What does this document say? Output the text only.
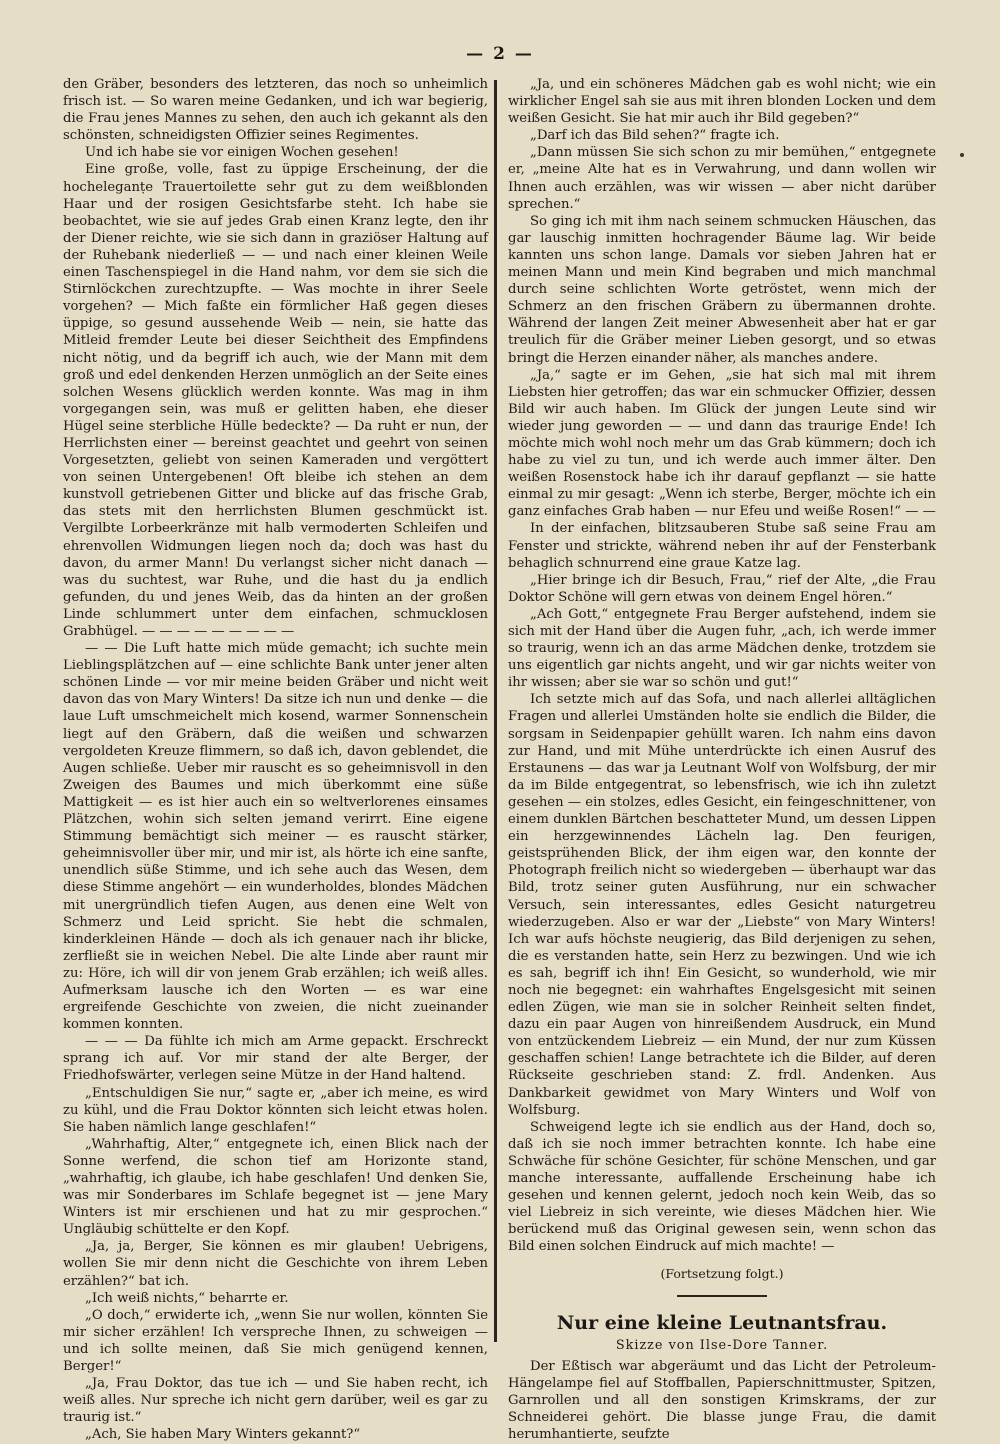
— 2 —

den Gräber, besonders des letzteren, das noch so unheimlich frisch ist. — So waren meine Gedanken, und ich war begierig, die Frau jenes Mannes zu sehen, den auch ich gekannt als den schönsten, schneidigsten Offizier seines Regimentes.

Und ich habe sie vor einigen Wochen gesehen!

Eine große, volle, fast zu üppige Erscheinung, der die hocheleganṭe Trauertoilette sehr gut zu dem weißblonden Haar und der rosigen Gesichtsfarbe steht. Ich habe sie beobachtet, wie sie auf jedes Grab einen Kranz legte, den ihr der Diener reichte, wie sie sich dann in graziöser Haltung auf der Ruhebank niederließ — — und nach einer kleinen Weile einen Taschenspiegel in die Hand nahm, vor dem sie sich die Stirnlöckchen zurechtzupfte. — Was mochte in ihrer Seele vorgehen? — Mich faßte ein förmlicher Haß gegen dieses üppige, so gesund aussehende Weib — nein, sie hatte das Mitleid fremder Leute bei dieser Seichtheit des Empfindens nicht nötig, und da begriff ich auch, wie der Mann mit dem groß und edel denkenden Herzen unmöglich an der Seite eines solchen Wesens glücklich werden konnte. Was mag in ihm vorgegangen sein, was muß er gelitten haben, ehe dieser Hügel seine sterbliche Hülle bedeckte? — Da ruht er nun, der Herrlichsten einer — bereinst geachtet und geehrt von seinen Vorgesetzten, geliebt von seinen Kameraden und vergöttert von seinen Untergebenen! Oft bleibe ich stehen an dem kunstvoll getriebenen Gitter und blicke auf das frische Grab, das stets mit den herrlichsten Blumen geschmückt ist. Vergilbte Lorbeerkränze mit halb vermoderten Schleifen und ehrenvollen Widmungen liegen noch da; doch was hast du davon, du armer Mann! Du verlangst sicher nicht danach — was du suchtest, war Ruhe, und die hast du ja endlich gefunden, du und jenes Weib, das da hinten an der großen Linde schlummert unter dem einfachen, schmucklosen Grabhügel. — — — — — — — — —

— — Die Luft hatte mich müde gemacht; ich suchte mein Lieblingsplätzchen auf — eine schlichte Bank unter jener alten schönen Linde — vor mir meine beiden Gräber und nicht weit davon das von Mary Winters! Da sitze ich nun und denke — die laue Luft umschmeichelt mich kosend, warmer Sonnenschein liegt auf den Gräbern, daß die weißen und schwarzen vergoldeten Kreuze flimmern, so daß ich, davon geblendet, die Augen schließe. Ueber mir rauscht es so geheimnisvoll in den Zweigen des Baumes und mich überkommt eine süße Mattigkeit — es ist hier auch ein so weltverlorenes einsames Plätzchen, wohin sich selten jemand verirrt. Eine eigene Stimmung bemächtigt sich meiner — es rauscht stärker, geheimnisvoller über mir, und mir ist, als hörte ich eine sanfte, unendlich süße Stimme, und ich sehe auch das Wesen, dem diese Stimme angehört — ein wunderholdes, blondes Mädchen mit unergründlich tiefen Augen, aus denen eine Welt von Schmerz und Leid spricht. Sie hebt die schmalen, kinderkleinen Hände — doch als ich genauer nach ihr blicke, zerfließt sie in weichen Nebel. Die alte Linde aber raunt mir zu: Höre, ich will dir von jenem Grab erzählen; ich weiß alles. Aufmerksam lausche ich den Worten — es war eine ergreifende Geschichte von zweien, die nicht zueinander kommen konnten.

— — — Da fühlte ich mich am Arme gepackt. Erschreckt sprang ich auf. Vor mir stand der alte Berger, der Friedhofswärter, verlegen seine Mütze in der Hand haltend.

„Entschuldigen Sie nur,“ sagte er, „aber ich meine, es wird zu kühl, und die Frau Doktor könnten sich leicht etwas holen. Sie haben nämlich lange geschlafen!“

„Wahrhaftig, Alter,“ entgegnete ich, einen Blick nach der Sonne werfend, die schon tief am Horizonte stand, „wahrhaftig, ich glaube, ich habe geschlafen! Und denken Sie, was mir Sonderbares im Schlafe begegnet ist — jene Mary Winters ist mir erschienen und hat zu mir gesprochen.“ Ungläubig schüttelte er den Kopf.

„Ja, ja, Berger, Sie können es mir glauben! Uebrigens, wollen Sie mir denn nicht die Geschichte von ihrem Leben erzählen?“ bat ich.

„Ich weiß nichts,“ beharrte er.

„O doch,“ erwiderte ich, „wenn Sie nur wollen, könnten Sie mir sicher erzählen! Ich verspreche Ihnen, zu schweigen — und ich sollte meinen, daß Sie mich genügend kennen, Berger!“

„Ja, Frau Doktor, das tue ich — und Sie haben recht, ich weiß alles. Nur spreche ich nicht gern darüber, weil es gar zu traurig ist.“

„Ach, Sie haben Mary Winters gekannt?“

„Ja, und ein schöneres Mädchen gab es wohl nicht; wie ein wirklicher Engel sah sie aus mit ihren blonden Locken und dem weißen Gesicht. Sie hat mir auch ihr Bild gegeben?“

„Darf ich das Bild sehen?“ fragte ich.

„Dann müssen Sie sich schon zu mir bemühen,“ entgegnete er, „meine Alte hat es in Verwahrung, und dann wollen wir Ihnen auch erzählen, was wir wissen — aber nicht darüber sprechen.“

So ging ich mit ihm nach seinem schmucken Häuschen, das gar lauschig inmitten hochragender Bäume lag. Wir beide kannten uns schon lange. Damals vor sieben Jahren hat er meinen Mann und mein Kind begraben und mich manchmal durch seine schlichten Worte getröstet, wenn mich der Schmerz an den frischen Gräbern zu übermannen drohte. Während der langen Zeit meiner Abwesenheit aber hat er gar treulich für die Gräber meiner Lieben gesorgt, und so etwas bringt die Herzen einander näher, als manches andere.

„Ja,“ sagte er im Gehen, „sie hat sich mal mit ihrem Liebsten hier getroffen; das war ein schmucker Offizier, dessen Bild wir auch haben. Im Glück der jungen Leute sind wir wieder jung geworden — — und dann das traurige Ende! Ich möchte mich wohl noch mehr um das Grab kümmern; doch ich habe zu viel zu tun, und ich werde auch immer älter. Den weißen Rosenstock habe ich ihr darauf gepflanzt — sie hatte einmal zu mir gesagt: „Wenn ich sterbe, Berger, möchte ich ein ganz einfaches Grab haben — nur Efeu und weiße Rosen!“ — —

In der einfachen, blitzsauberen Stube saß seine Frau am Fenster und strickte, während neben ihr auf der Fensterbank behaglich schnurrend eine graue Katze lag.

„Hier bringe ich dir Besuch, Frau,“ rief der Alte, „die Frau Doktor Schöne will gern etwas von deinem Engel hören.“

„Ach Gott,“ entgegnete Frau Berger aufstehend, indem sie sich mit der Hand über die Augen fuhr, „ach, ich werde immer so traurig, wenn ich an das arme Mädchen denke, trotzdem sie uns eigentlich gar nichts angeht, und wir gar nichts weiter von ihr wissen; aber sie war so schön und gut!“

Ich setzte mich auf das Sofa, und nach allerlei alltäglichen Fragen und allerlei Umständen holte sie endlich die Bilder, die sorgsam in Seidenpapier gehüllt waren. Ich nahm eins davon zur Hand, und mit Mühe unterdrückte ich einen Ausruf des Erstaunens — das war ja Leutnant Wolf von Wolfsburg, der mir da im Bilde entgegentrat, so lebensfrisch, wie ich ihn zuletzt gesehen — ein stolzes, edles Gesicht, ein feingeschnittener, von einem dunklen Bärtchen beschatteter Mund, um dessen Lippen ein herzgewinnendes Lächeln lag. Den feurigen, geistsprühenden Blick, der ihm eigen war, den konnte der Photograph freilich nicht so wiedergeben — überhaupt war das Bild, trotz seiner guten Ausführung, nur ein schwacher Versuch, sein interessantes, edles Gesicht naturgetreu wiederzugeben. Also er war der „Liebste“ von Mary Winters! Ich war aufs höchste neugierig, das Bild derjenigen zu sehen, die es verstanden hatte, sein Herz zu bezwingen. Und wie ich es sah, begriff ich ihn! Ein Gesicht, so wunderhold, wie mir noch nie begegnet: ein wahrhaftes Engelsgesicht mit seinen edlen Zügen, wie man sie in solcher Reinheit selten findet, dazu ein paar Augen von hinreißendem Ausdruck, ein Mund von entzückendem Liebreiz — ein Mund, der nur zum Küssen geschaffen schien! Lange betrachtete ich die Bilder, auf deren Rückseite geschrieben stand: Z. frdl. Andenken. Aus Dankbarkeit gewidmet von Mary Winters und Wolf von Wolfsburg.

Schweigend legte ich sie endlich aus der Hand, doch so, daß ich sie noch immer betrachten konnte. Ich habe eine Schwäche für schöne Gesichter, für schöne Menschen, und gar manche interessante, auffallende Erscheinung habe ich gesehen und kennen gelernt, jedoch noch kein Weib, das so viel Liebreiz in sich vereinte, wie dieses Mädchen hier. Wie berückend muß das Original gewesen sein, wenn schon das Bild einen solchen Eindruck auf mich machte! —

(Fortsetzung folgt.)

Nur eine kleine Leutnantsfrau.

Skizze von Ilse-Dore Tanner.

Der Eßtisch war abgeräumt und das Licht der Petroleum-Hängelampe fiel auf Stoffballen, Papierschnittmuster, Spitzen, Garnrollen und all den sonstigen Krimskrams, der zur Schneiderei gehört. Die blasse junge Frau, die damit herumhantierte, seufzte
